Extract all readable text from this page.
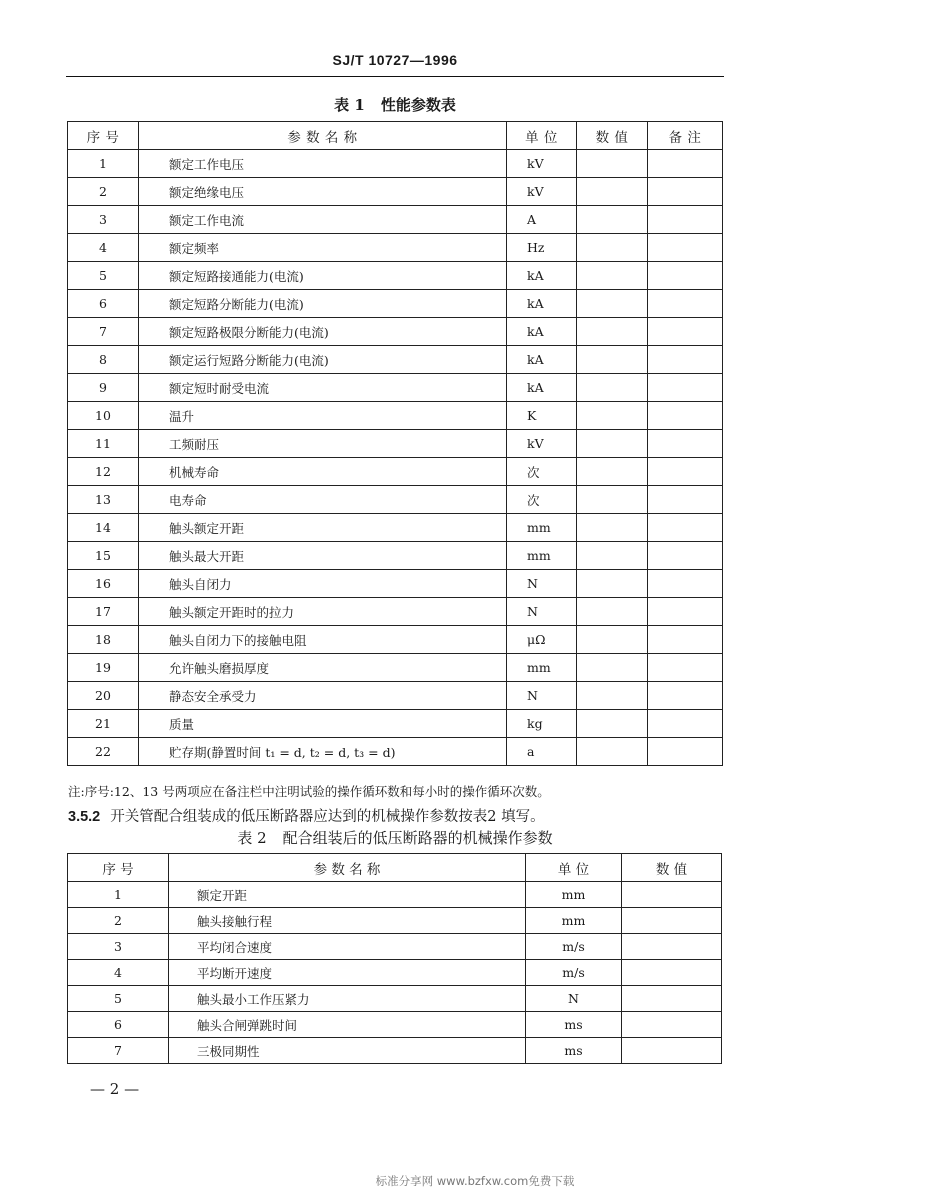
SJ/T 10727—1996
表 1 性能参数表
序 号	参 数 名 称	单 位	数 值	备 注
1	额定工作电压	kV		
2	额定绝缘电压	kV		
3	额定工作电流	A		
4	额定频率	Hz		
5	额定短路接通能力(电流)	kA		
6	额定短路分断能力(电流)	kA		
7	额定短路极限分断能力(电流)	kA		
8	额定运行短路分断能力(电流)	kA		
9	额定短时耐受电流	kA		
10	温升	K		
11	工频耐压	kV		
12	机械寿命	次		
13	电寿命	次		
14	触头额定开距	mm		
15	触头最大开距	mm		
16	触头自闭力	N		
17	触头额定开距时的拉力	N		
18	触头自闭力下的接触电阻	μΩ		
19	允许触头磨损厚度	mm		
20	静态安全承受力	N		
21	质量	kg		
22	贮存期(静置时间 t₁ = d, t₂ = d, t₃ = d)	a		
注:序号:12、13 号两项应在备注栏中注明试验的操作循环数和每小时的操作循环次数。
3.5.2 开关管配合组装成的低压断路器应达到的机械操作参数按表2 填写。
表 2 配合组装后的低压断路器的机械操作参数
序 号	参 数 名 称	单 位	数 值
1	额定开距	mm	
2	触头接触行程	mm	
3	平均闭合速度	m/s	
4	平均断开速度	m/s	
5	触头最小工作压紧力	N	
6	触头合闸弹跳时间	ms	
7	三极同期性	ms	
— 2 —
标准分享网 www.bzfxw.com免费下载
